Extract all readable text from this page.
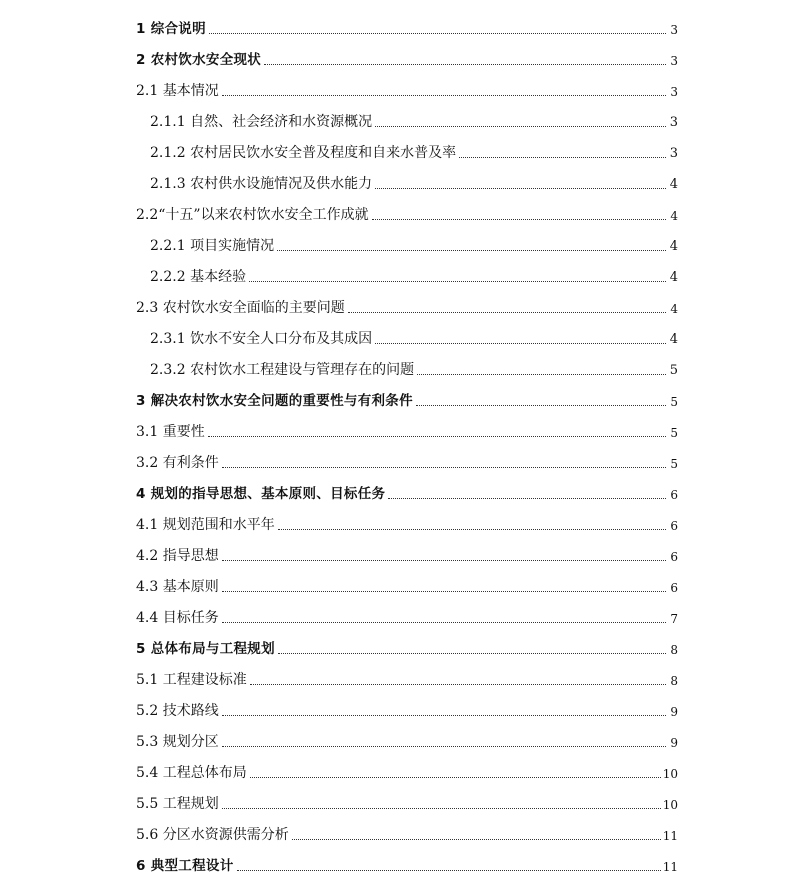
1 综合说明	3
2 农村饮水安全现状	3
2.1 基本情况	3
2.1.1 自然、社会经济和水资源概况	3
2.1.2 农村居民饮水安全普及程度和自来水普及率	3
2.1.3 农村供水设施情况及供水能力	4
2.2“十五”以来农村饮水安全工作成就	4
2.2.1 项目实施情况	4
2.2.2 基本经验	4
2.3 农村饮水安全面临的主要问题	4
2.3.1 饮水不安全人口分布及其成因	4
2.3.2 农村饮水工程建设与管理存在的问题	5
3 解决农村饮水安全问题的重要性与有利条件	5
3.1 重要性	5
3.2 有利条件	5
4 规划的指导思想、基本原则、目标任务	6
4.1 规划范围和水平年	6
4.2 指导思想	6
4.3 基本原则	6
4.4 目标任务	7
5 总体布局与工程规划	8
5.1 工程建设标准	8
5.2 技术路线	9
5.3 规划分区	9
5.4 工程总体布局	10
5.5 工程规划	10
5.6 分区水资源供需分析	11
6 典型工程设计	11
